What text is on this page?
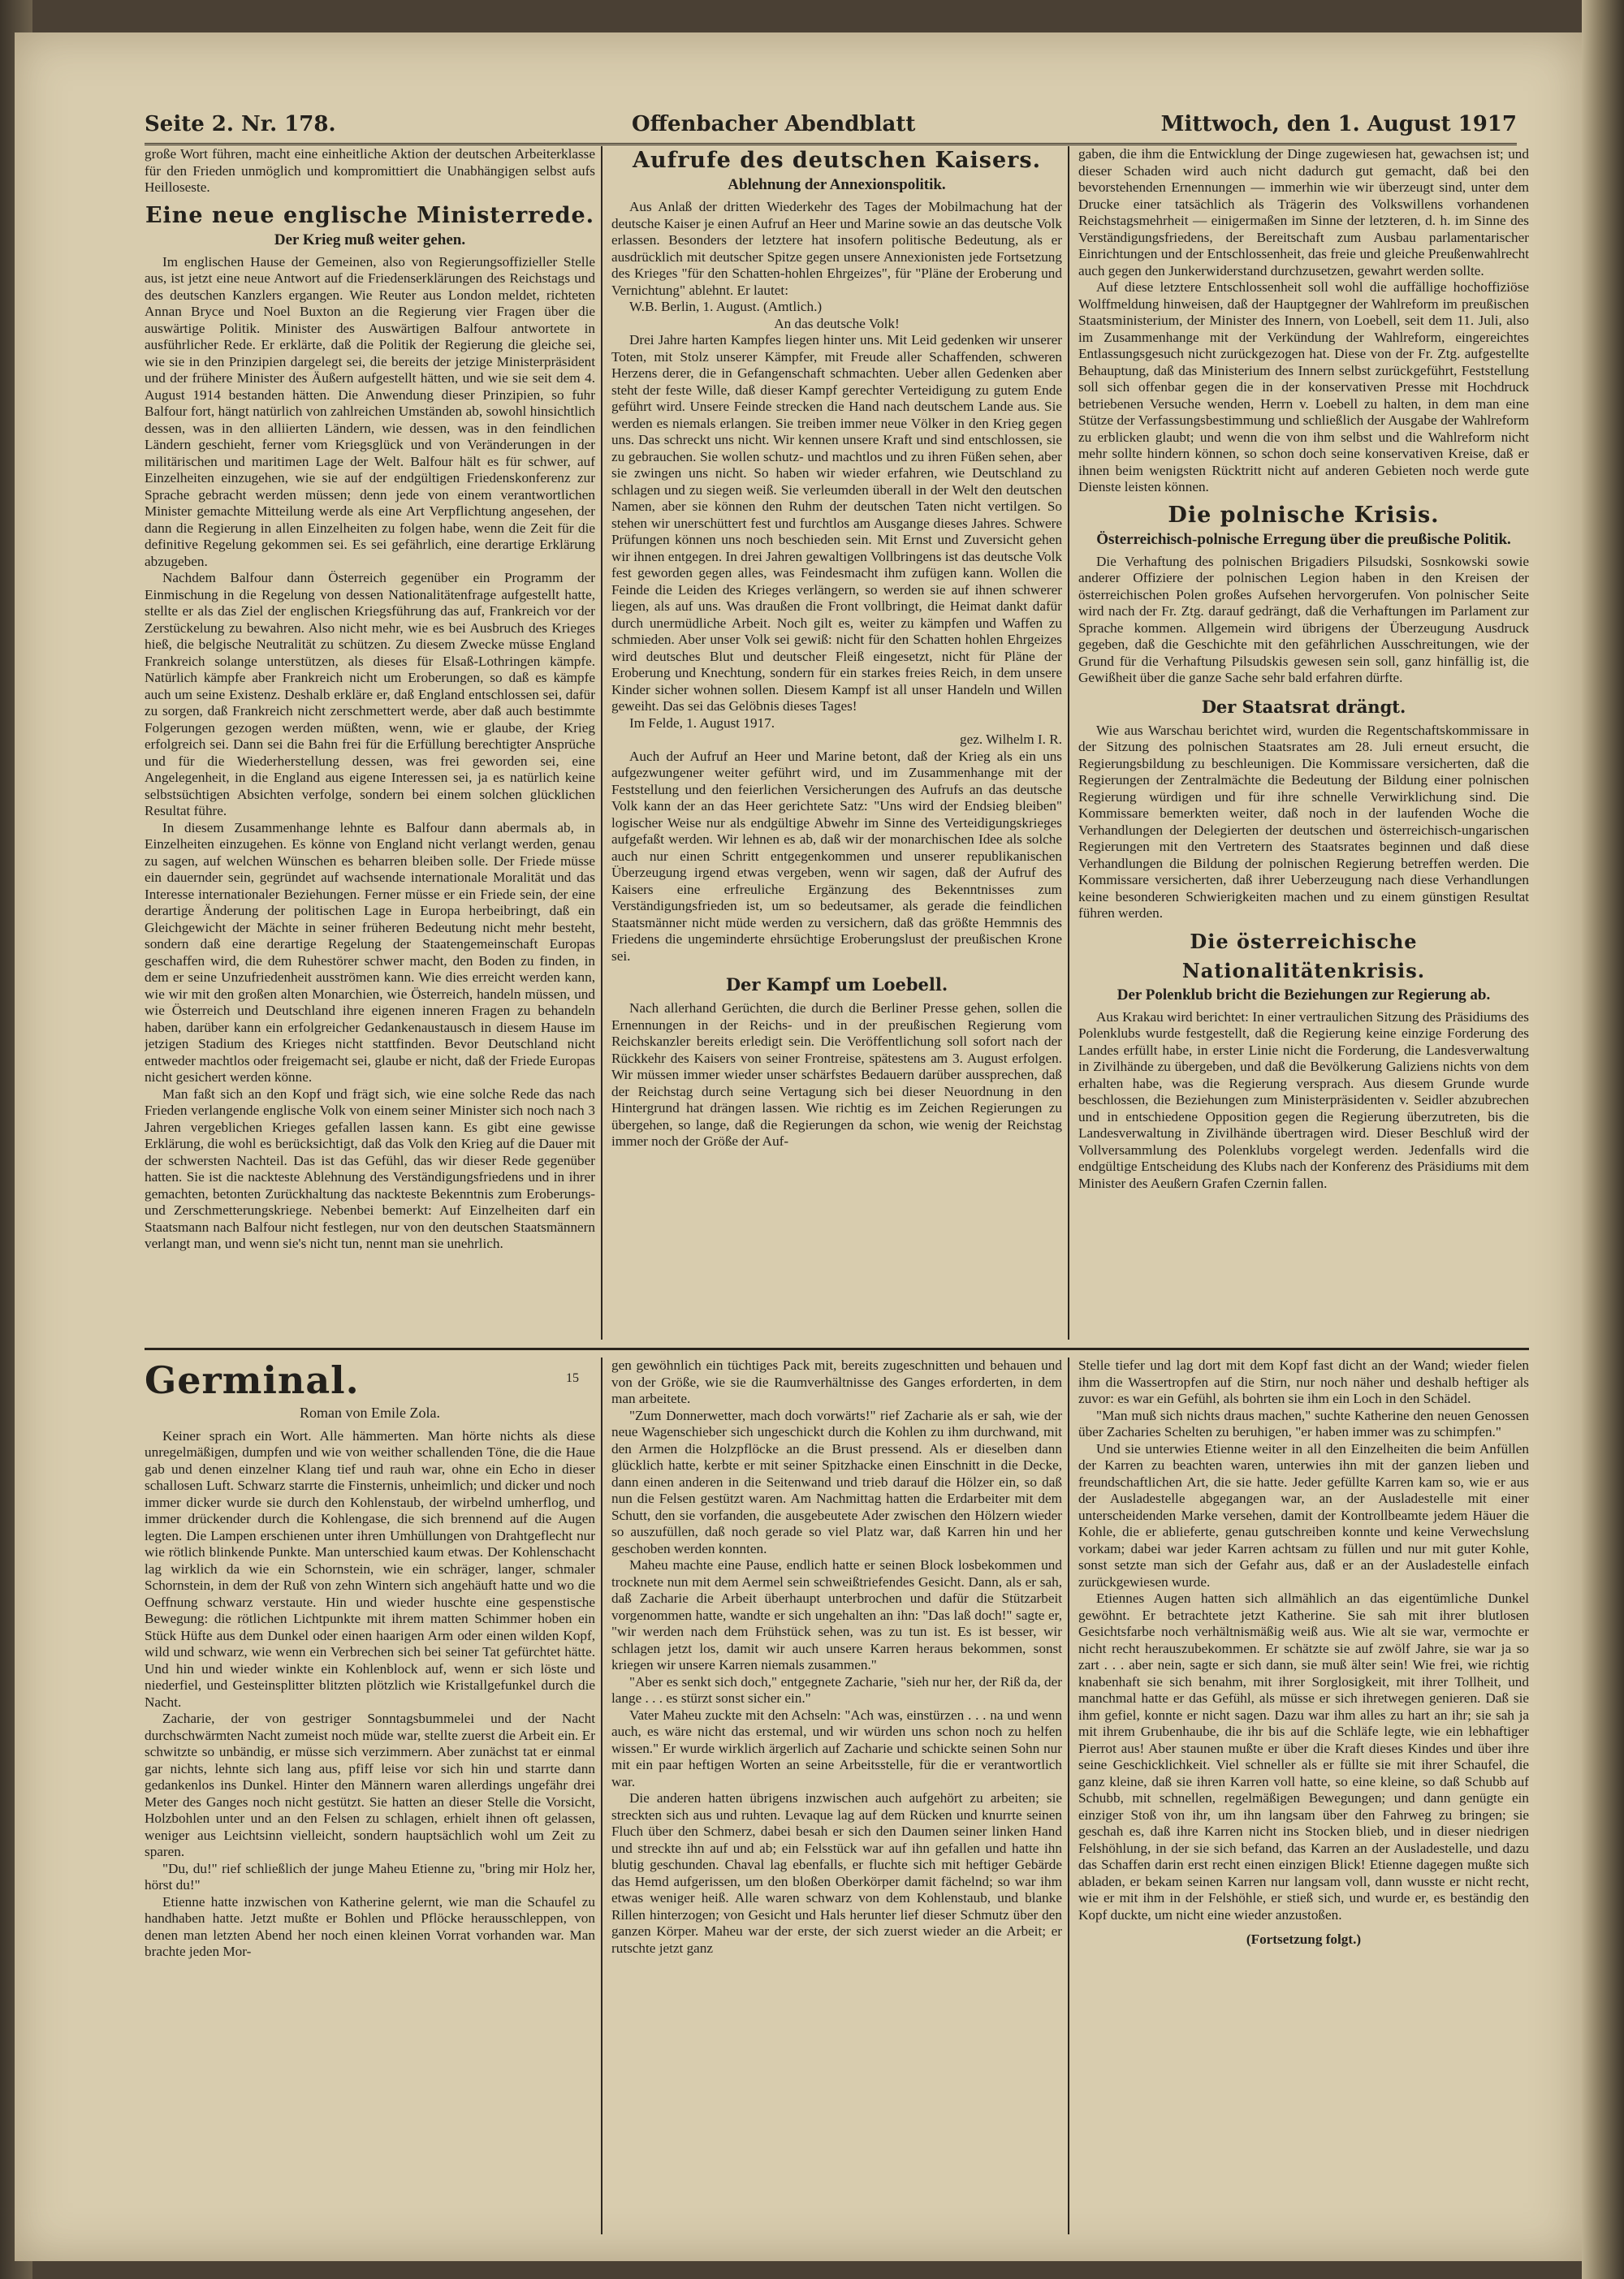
Seite 2. Nr. 178.	Offenbacher Abendblatt	Mittwoch, den 1. August 1917

große Wort führen, macht eine einheitliche Aktion der deutschen Arbeiterklasse für den Frieden unmöglich und kompromittiert die Unabhängigen selbst aufs Heilloseste.

Eine neue englische Ministerrede.
Der Krieg muß weiter gehen.

Im englischen Hause der Gemeinen, also von Regierungsoffizieller Stelle aus, ist jetzt eine neue Antwort auf die Friedenserklärungen des Reichstags und des deutschen Kanzlers ergangen. Wie Reuter aus London meldet, richteten Annan Bryce und Noel Buxton an die Regierung vier Fragen über die auswärtige Politik. Minister des Auswärtigen Balfour antwortete in ausführlicher Rede. Er erklärte, daß die Politik der Regierung die gleiche sei, wie sie in den Prinzipien dargelegt sei, die bereits der jetzige Ministerpräsident und der frühere Minister des Äußern aufgestellt hätten, und wie sie seit dem 4. August 1914 bestanden hätten. Die Anwendung dieser Prinzipien, so fuhr Balfour fort, hängt natürlich von zahlreichen Umständen ab, sowohl hinsichtlich dessen, was in den alliierten Ländern, wie dessen, was in den feindlichen Ländern geschieht, ferner vom Kriegsglück und von Veränderungen in der militärischen und maritimen Lage der Welt. Balfour hält es für schwer, auf Einzelheiten einzugehen, wie sie auf der endgültigen Friedenskonferenz zur Sprache gebracht werden müssen; denn jede von einem verantwortlichen Minister gemachte Mitteilung werde als eine Art Verpflichtung angesehen, der dann die Regierung in allen Einzelheiten zu folgen habe, wenn die Zeit für die definitive Regelung gekommen sei. Es sei gefährlich, eine derartige Erklärung abzugeben.

Nachdem Balfour dann Österreich gegenüber ein Programm der Einmischung in die Regelung von dessen Nationalitätenfrage aufgestellt hatte, stellte er als das Ziel der englischen Kriegsführung das auf, Frankreich vor der Zerstückelung zu bewahren. Also nicht mehr, wie es bei Ausbruch des Krieges hieß, die belgische Neutralität zu schützen. Zu diesem Zwecke müsse England Frankreich solange unterstützen, als dieses für Elsaß-Lothringen kämpfe. Natürlich kämpfe aber Frankreich nicht um Eroberungen, so daß es kämpfe auch um seine Existenz. Deshalb erkläre er, daß England entschlossen sei, dafür zu sorgen, daß Frankreich nicht zerschmettert werde, aber daß auch bestimmte Folgerungen gezogen werden müßten, wenn, wie er glaube, der Krieg erfolgreich sei. Dann sei die Bahn frei für die Erfüllung berechtigter Ansprüche und für die Wiederherstellung dessen, was frei geworden sei, eine Angelegenheit, in die England aus eigene Interessen sei, ja es natürlich keine selbstsüchtigen Absichten verfolge, sondern bei einem solchen glücklichen Resultat führe.

In diesem Zusammenhange lehnte es Balfour dann abermals ab, in Einzelheiten einzugehen. Es könne von England nicht verlangt werden, genau zu sagen, auf welchen Wünschen es beharren bleiben solle. Der Friede müsse ein dauernder sein, gegründet auf wachsende internationale Moralität und das Interesse internationaler Beziehungen. Ferner müsse er ein Friede sein, der eine derartige Änderung der politischen Lage in Europa herbeibringt, daß ein Gleichgewicht der Mächte in seiner früheren Bedeutung nicht mehr besteht, sondern daß eine derartige Regelung der Staatengemeinschaft Europas geschaffen wird, die dem Ruhestörer schwer macht, den Boden zu finden, in dem er seine Unzufriedenheit ausströmen kann. Wie dies erreicht werden kann, wie wir mit den großen alten Monarchien, wie Österreich, handeln müssen, und wie Österreich und Deutschland ihre eigenen inneren Fragen zu behandeln haben, darüber kann ein erfolgreicher Gedankenaustausch in diesem Hause im jetzigen Stadium des Krieges nicht stattfinden. Bevor Deutschland nicht entweder machtlos oder freigemacht sei, glaube er nicht, daß der Friede Europas nicht gesichert werden könne.

Man faßt sich an den Kopf und frägt sich, wie eine solche Rede das nach Frieden verlangende englische Volk von einem seiner Minister sich noch nach 3 Jahren vergeblichen Krieges gefallen lassen kann. Es gibt eine gewisse Erklärung, die wohl es berücksichtigt, daß das Volk den Krieg auf die Dauer mit der schwersten Nachteil. Das ist das Gefühl, das wir dieser Rede gegenüber hatten. Sie ist die nackteste Ablehnung des Verständigungsfriedens und in ihrer gemachten, betonten Zurückhaltung das nackteste Bekenntnis zum Eroberungs- und Zerschmetterungskriege. Nebenbei bemerkt: Auf Einzelheiten darf ein Staatsmann nach Balfour nicht festlegen, nur von den deutschen Staatsmännern verlangt man, und wenn sie's nicht tun, nennt man sie unehrlich.

Aufrufe des deutschen Kaisers.
Ablehnung der Annexionspolitik.

Aus Anlaß der dritten Wiederkehr des Tages der Mobilmachung hat der deutsche Kaiser je einen Aufruf an Heer und Marine sowie an das deutsche Volk erlassen. Besonders der letztere hat insofern politische Bedeutung, als er ausdrücklich mit deutscher Spitze gegen unsere Annexionisten jede Fortsetzung des Krieges "für den Schatten-hohlen Ehrgeizes", für "Pläne der Eroberung und Vernichtung" ablehnt. Er lautet:

W.B. Berlin, 1. August. (Amtlich.)

An das deutsche Volk!

Drei Jahre harten Kampfes liegen hinter uns. Mit Leid gedenken wir unserer Toten, mit Stolz unserer Kämpfer, mit Freude aller Schaffenden, schweren Herzens derer, die in Gefangenschaft schmachten. Ueber allen Gedenken aber steht der feste Wille, daß dieser Kampf gerechter Verteidigung zu gutem Ende geführt wird. Unsere Feinde strecken die Hand nach deutschem Lande aus. Sie werden es niemals erlangen. Sie treiben immer neue Völker in den Krieg gegen uns. Das schreckt uns nicht. Wir kennen unsere Kraft und sind entschlossen, sie zu gebrauchen. Sie wollen schutz- und machtlos und zu ihren Füßen sehen, aber sie zwingen uns nicht. So haben wir wieder erfahren, wie Deutschland zu schlagen und zu siegen weiß. Sie verleumden überall in der Welt den deutschen Namen, aber sie können den Ruhm der deutschen Taten nicht vertilgen. So stehen wir unerschüttert fest und furchtlos am Ausgange dieses Jahres. Schwere Prüfungen können uns noch beschieden sein. Mit Ernst und Zuversicht gehen wir ihnen entgegen. In drei Jahren gewaltigen Vollbringens ist das deutsche Volk fest geworden gegen alles, was Feindesmacht ihm zufügen kann. Wollen die Feinde die Leiden des Krieges verlängern, so werden sie auf ihnen schwerer liegen, als auf uns. Was draußen die Front vollbringt, die Heimat dankt dafür durch unermüdliche Arbeit. Noch gilt es, weiter zu kämpfen und Waffen zu schmieden. Aber unser Volk sei gewiß: nicht für den Schatten hohlen Ehrgeizes wird deutsches Blut und deutscher Fleiß eingesetzt, nicht für Pläne der Eroberung und Knechtung, sondern für ein starkes freies Reich, in dem unsere Kinder sicher wohnen sollen. Diesem Kampf ist all unser Handeln und Willen geweiht. Das sei das Gelöbnis dieses Tages!

Im Felde, 1. August 1917.

gez. Wilhelm I. R.

Auch der Aufruf an Heer und Marine betont, daß der Krieg als ein uns aufgezwungener weiter geführt wird, und im Zusammenhange mit der Feststellung und den feierlichen Versicherungen des Aufrufs an das deutsche Volk kann der an das Heer gerichtete Satz: "Uns wird der Endsieg bleiben" logischer Weise nur als endgültige Abwehr im Sinne des Verteidigungskrieges aufgefaßt werden. Wir lehnen es ab, daß wir der monarchischen Idee als solche auch nur einen Schritt entgegenkommen und unserer republikanischen Überzeugung irgend etwas vergeben, wenn wir sagen, daß der Aufruf des Kaisers eine erfreuliche Ergänzung des Bekenntnisses zum Verständigungsfrieden ist, um so bedeutsamer, als gerade die feindlichen Staatsmänner nicht müde werden zu versichern, daß das größte Hemmnis des Friedens die ungeminderte ehrsüchtige Eroberungslust der preußischen Krone sei.

Der Kampf um Loebell.

Nach allerhand Gerüchten, die durch die Berliner Presse gehen, sollen die Ernennungen in der Reichs- und in der preußischen Regierung vom Reichskanzler bereits erledigt sein. Die Veröffentlichung soll sofort nach der Rückkehr des Kaisers von seiner Frontreise, spätestens am 3. August erfolgen. Wir müssen immer wieder unser schärfstes Bedauern darüber aussprechen, daß der Reichstag durch seine Vertagung sich bei dieser Neuordnung in den Hintergrund hat drängen lassen. Wie richtig es im Zeichen Regierungen zu übergehen, so lange, daß die Regierungen da schon, wie wenig der Reichstag immer noch der Größe der Auf-

gaben, die ihm die Entwicklung der Dinge zugewiesen hat, gewachsen ist; und dieser Schaden wird auch nicht dadurch gut gemacht, daß bei den bevorstehenden Ernennungen — immerhin wie wir überzeugt sind, unter dem Drucke einer tatsächlich als Trägerin des Volkswillens vorhandenen Reichstagsmehrheit — einigermaßen im Sinne der letzteren, d. h. im Sinne des Verständigungsfriedens, der Bereitschaft zum Ausbau parlamentarischer Einrichtungen und der Entschlossenheit, das freie und gleiche Preußenwahlrecht auch gegen den Junkerwiderstand durchzusetzen, gewahrt werden sollte.

Auf diese letztere Entschlossenheit soll wohl die auffällige hochoffiziöse Wolffmeldung hinweisen, daß der Hauptgegner der Wahlreform im preußischen Staatsministerium, der Minister des Innern, von Loebell, seit dem 11. Juli, also im Zusammenhange mit der Verkündung der Wahlreform, eingereichtes Entlassungsgesuch nicht zurückgezogen hat. Diese von der Fr. Ztg. aufgestellte Behauptung, daß das Ministerium des Innern selbst zurückgeführt, Feststellung soll sich offenbar gegen die in der konservativen Presse mit Hochdruck betriebenen Versuche wenden, Herrn v. Loebell zu halten, in dem man eine Stütze der Verfassungsbestimmung und schließlich der Ausgabe der Wahlreform zu erblicken glaubt; und wenn die von ihm selbst und die Wahlreform nicht mehr sollte hindern können, so schon doch seine konservativen Kreise, daß er ihnen beim wenigsten Rücktritt nicht auf anderen Gebieten noch werde gute Dienste leisten können.

Die polnische Krisis.
Österreichisch-polnische Erregung über die preußische Politik.

Die Verhaftung des polnischen Brigadiers Pilsudski, Sosnkowski sowie anderer Offiziere der polnischen Legion haben in den Kreisen der österreichischen Polen großes Aufsehen hervorgerufen. Von polnischer Seite wird nach der Fr. Ztg. darauf gedrängt, daß die Verhaftungen im Parlament zur Sprache kommen. Allgemein wird übrigens der Überzeugung Ausdruck gegeben, daß die Geschichte mit den gefährlichen Ausschreitungen, wie der Grund für die Verhaftung Pilsudskis gewesen sein soll, ganz hinfällig ist, die Gewißheit über die ganze Sache sehr bald erfahren dürfte.

Der Staatsrat drängt.

Wie aus Warschau berichtet wird, wurden die Regentschaftskommissare in der Sitzung des polnischen Staatsrates am 28. Juli erneut ersucht, die Regierungsbildung zu beschleunigen. Die Kommissare versicherten, daß die Regierungen der Zentralmächte die Bedeutung der Bildung einer polnischen Regierung würdigen und für ihre schnelle Verwirklichung sind. Die Kommissare bemerkten weiter, daß noch in der laufenden Woche die Verhandlungen der Delegierten der deutschen und österreichisch-ungarischen Regierungen mit den Vertretern des Staatsrates beginnen und daß diese Verhandlungen die Bildung der polnischen Regierung betreffen werden. Die Kommissare versicherten, daß ihrer Ueberzeugung nach diese Verhandlungen keine besonderen Schwierigkeiten machen und zu einem günstigen Resultat führen werden.

Die österreichische Nationalitätenkrisis.
Der Polenklub bricht die Beziehungen zur Regierung ab.

Aus Krakau wird berichtet: In einer vertraulichen Sitzung des Präsidiums des Polenklubs wurde festgestellt, daß die Regierung keine einzige Forderung des Landes erfüllt habe, in erster Linie nicht die Forderung, die Landesverwaltung in Zivilhände zu übergeben, und daß die Bevölkerung Galiziens nichts von dem erhalten habe, was die Regierung versprach. Aus diesem Grunde wurde beschlossen, die Beziehungen zum Ministerpräsidenten v. Seidler abzubrechen und in entschiedene Opposition gegen die Regierung überzutreten, bis die Landesverwaltung in Zivilhände übertragen wird. Dieser Beschluß wird der Vollversammlung des Polenklubs vorgelegt werden. Jedenfalls wird die endgültige Entscheidung des Klubs nach der Konferenz des Präsidiums mit dem Minister des Aeußern Grafen Czernin fallen.

Germinal.	15
Roman von Emile Zola.

Keiner sprach ein Wort. Alle hämmerten. Man hörte nichts als diese unregelmäßigen, dumpfen und wie von weither schallenden Töne, die die Haue gab und denen einzelner Klang tief und rauh war, ohne ein Echo in dieser schallosen Luft. Schwarz starrte die Finsternis, unheimlich; und dicker und noch immer dicker wurde sie durch den Kohlenstaub, der wirbelnd umherflog, und immer drückender durch die Kohlengase, die sich brennend auf die Augen legten. Die Lampen erschienen unter ihren Umhüllungen von Drahtgeflecht nur wie rötlich blinkende Punkte. Man unterschied kaum etwas. Der Kohlenschacht lag wirklich da wie ein Schornstein, wie ein schräger, langer, schmaler Schornstein, in dem der Ruß von zehn Wintern sich angehäuft hatte und wo die Oeffnung schwarz verstaute. Hin und wieder huschte eine gespenstische Bewegung: die rötlichen Lichtpunkte mit ihrem matten Schimmer hoben ein Stück Hüfte aus dem Dunkel oder einen haarigen Arm oder einen wilden Kopf, wild und schwarz, wie wenn ein Verbrechen sich bei seiner Tat gefürchtet hätte. Und hin und wieder winkte ein Kohlenblock auf, wenn er sich löste und niederfiel, und Gesteinsplitter blitzten plötzlich wie Kristallgefunkel durch die Nacht.

Zacharie, der von gestriger Sonntagsbummelei und der Nacht durchschwärmten Nacht zumeist noch müde war, stellte zuerst die Arbeit ein. Er schwitzte so unbändig, er müsse sich verzimmern. Aber zunächst tat er einmal gar nichts, lehnte sich lang aus, pfiff leise vor sich hin und starrte dann gedankenlos ins Dunkel. Hinter den Männern waren allerdings ungefähr drei Meter des Ganges noch nicht gestützt. Sie hatten an dieser Stelle die Vorsicht, Holzbohlen unter und an den Felsen zu schlagen, erhielt ihnen oft gelassen, weniger aus Leichtsinn vielleicht, sondern hauptsächlich wohl um Zeit zu sparen.

"Du, du!" rief schließlich der junge Maheu Etienne zu, "bring mir Holz her, hörst du!"

Etienne hatte inzwischen von Katherine gelernt, wie man die Schaufel zu handhaben hatte. Jetzt mußte er Bohlen und Pflöcke herausschleppen, von denen man letzten Abend her noch einen kleinen Vorrat vorhanden war. Man brachte jeden Mor-

gen gewöhnlich ein tüchtiges Pack mit, bereits zugeschnitten und behauen und von der Größe, wie sie die Raumverhältnisse des Ganges erforderten, in dem man arbeitete.

"Zum Donnerwetter, mach doch vorwärts!" rief Zacharie als er sah, wie der neue Wagenschieber sich ungeschickt durch die Kohlen zu ihm durchwand, mit den Armen die Holzpflöcke an die Brust pressend. Als er dieselben dann glücklich hatte, kerbte er mit seiner Spitzhacke einen Einschnitt in die Decke, dann einen anderen in die Seitenwand und trieb darauf die Hölzer ein, so daß nun die Felsen gestützt waren. Am Nachmittag hatten die Erdarbeiter mit dem Schutt, den sie vorfanden, die ausgebeutete Ader zwischen den Hölzern wieder so auszufüllen, daß noch gerade so viel Platz war, daß Karren hin und her geschoben werden konnten.

Maheu machte eine Pause, endlich hatte er seinen Block losbekommen und trocknete nun mit dem Aermel sein schweißtriefendes Gesicht. Dann, als er sah, daß Zacharie die Arbeit überhaupt unterbrochen und dafür die Stützarbeit vorgenommen hatte, wandte er sich ungehalten an ihn: "Das laß doch!" sagte er, "wir werden nach dem Frühstück sehen, was zu tun ist. Es ist besser, wir schlagen jetzt los, damit wir auch unsere Karren heraus bekommen, sonst kriegen wir unsere Karren niemals zusammen."

"Aber es senkt sich doch," entgegnete Zacharie, "sieh nur her, der Riß da, der lange . . . es stürzt sonst sicher ein."

Vater Maheu zuckte mit den Achseln: "Ach was, einstürzen . . . na und wenn auch, es wäre nicht das erstemal, und wir würden uns schon noch zu helfen wissen." Er wurde wirklich ärgerlich auf Zacharie und schickte seinen Sohn nur mit ein paar heftigen Worten an seine Arbeitsstelle, für die er verantwortlich war.

Die anderen hatten übrigens inzwischen auch aufgehört zu arbeiten; sie streckten sich aus und ruhten. Levaque lag auf dem Rücken und knurrte seinen Fluch über den Schmerz, dabei besah er sich den Daumen seiner linken Hand und streckte ihn auf und ab; ein Felsstück war auf ihn gefallen und hatte ihn blutig geschunden. Chaval lag ebenfalls, er fluchte sich mit heftiger Gebärde das Hemd aufgerissen, um den bloßen Oberkörper damit fächelnd; so war ihm etwas weniger heiß. Alle waren schwarz von dem Kohlenstaub, und blanke Rillen hinterzogen; von Gesicht und Hals herunter lief dieser Schmutz über den ganzen Körper. Maheu war der erste, der sich zuerst wieder an die Arbeit; er rutschte jetzt ganz

Stelle tiefer und lag dort mit dem Kopf fast dicht an der Wand; wieder fielen ihm die Wassertropfen auf die Stirn, nur noch näher und deshalb heftiger als zuvor: es war ein Gefühl, als bohrten sie ihm ein Loch in den Schädel.

"Man muß sich nichts draus machen," suchte Katherine den neuen Genossen über Zacharies Schelten zu beruhigen, "er haben immer was zu schimpfen."

Und sie unterwies Etienne weiter in all den Einzelheiten die beim Anfüllen der Karren zu beachten waren, unterwies ihn mit der ganzen lieben und freundschaftlichen Art, die sie hatte. Jeder gefüllte Karren kam so, wie er aus der Ausladestelle abgegangen war, an der Ausladestelle mit einer unterscheidenden Marke versehen, damit der Kontrollbeamte jedem Häuer die Kohle, die er ablieferte, genau gutschreiben konnte und keine Verwechslung vorkam; dabei war jeder Karren achtsam zu füllen und nur mit guter Kohle, sonst setzte man sich der Gefahr aus, daß er an der Ausladestelle einfach zurückgewiesen wurde.

Etiennes Augen hatten sich allmählich an das eigentümliche Dunkel gewöhnt. Er betrachtete jetzt Katherine. Sie sah mit ihrer blutlosen Gesichtsfarbe noch verhältnismäßig weiß aus. Wie alt sie war, vermochte er nicht recht herauszubekommen. Er schätzte sie auf zwölf Jahre, sie war ja so zart . . . aber nein, sagte er sich dann, sie muß älter sein! Wie frei, wie richtig knabenhaft sie sich benahm, mit ihrer Sorglosigkeit, mit ihrer Tollheit, und manchmal hatte er das Gefühl, als müsse er sich ihretwegen genieren. Daß sie ihm gefiel, konnte er nicht sagen. Dazu war ihm alles zu hart an ihr; sie sah ja mit ihrem Grubenhaube, die ihr bis auf die Schläfe legte, wie ein lebhaftiger Pierrot aus! Aber staunen mußte er über die Kraft dieses Kindes und über ihre seine Geschicklichkeit. Viel schneller als er füllte sie mit ihrer Schaufel, die ganz kleine, daß sie ihren Karren voll hatte, so eine kleine, so daß Schubb auf Schubb, mit schnellen, regelmäßigen Bewegungen; und dann genügte ein einziger Stoß von ihr, um ihn langsam über den Fahrweg zu bringen; sie geschah es, daß ihre Karren nicht ins Stocken blieb, und in dieser niedrigen Felshöhlung, in der sie sich befand, das Karren an der Ausladestelle, und dazu das Schaffen darin erst recht einen einzigen Blick! Etienne dagegen mußte sich abladen, er bekam seinen Karren nur langsam voll, dann wusste er nicht recht, wie er mit ihm in der Felshöhle, er stieß sich, und wurde er, es beständig den Kopf duckte, um nicht eine wieder anzustoßen.

(Fortsetzung folgt.)
